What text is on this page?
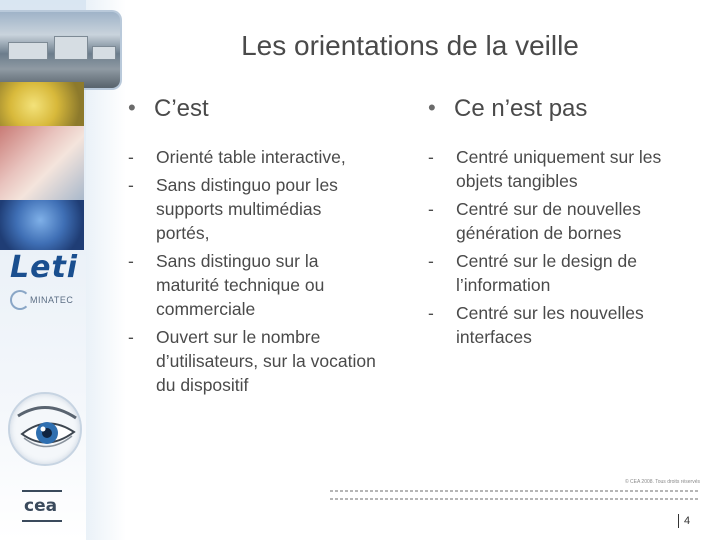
Leti
MINATEC
cea
Les orientations de la veille
• C’est
- Orienté table interactive,
- Sans distinguo pour les supports multimédias portés,
- Sans distinguo sur la maturité technique ou commerciale
- Ouvert sur le nombre d’utilisateurs, sur la vocation du dispositif
• Ce n’est pas
- Centré uniquement sur les objets tangibles
- Centré sur de nouvelles génération de bornes
- Centré sur le design de l’information
- Centré sur les nouvelles interfaces
© CEA 2008. Tous droits réservés
4
